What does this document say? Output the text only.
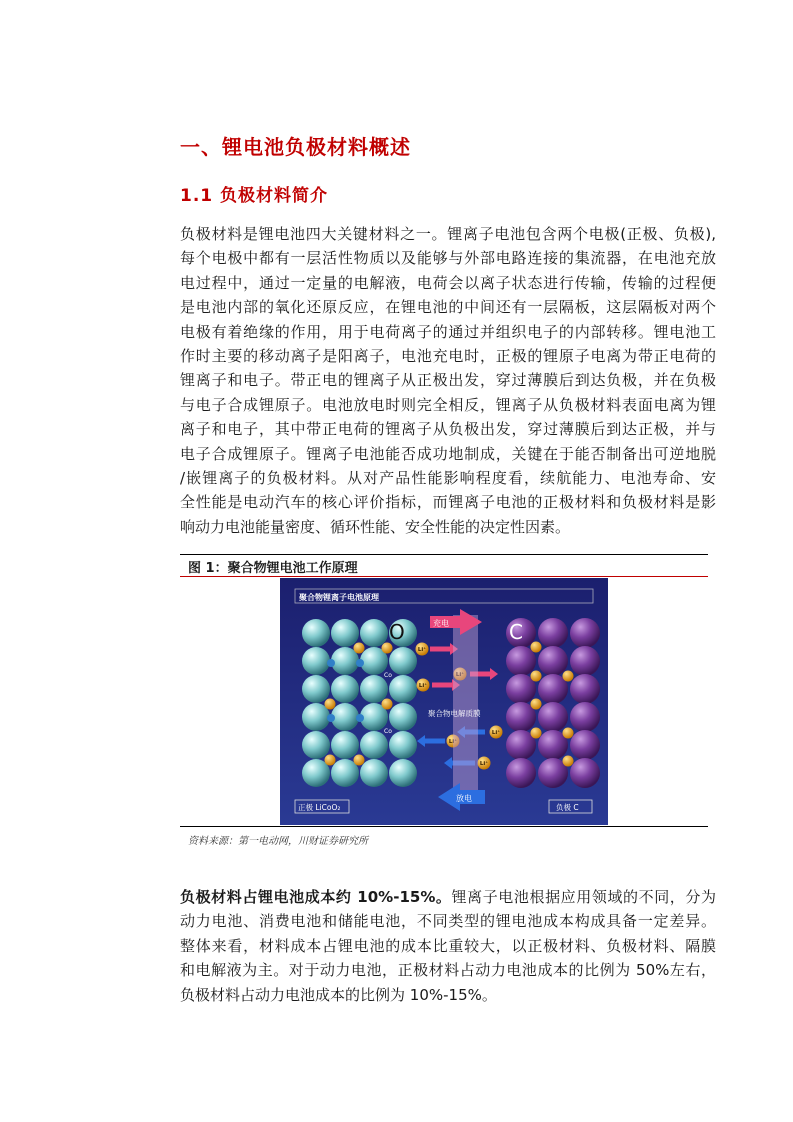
一、锂电池负极材料概述
1.1 负极材料简介
负极材料是锂电池四大关键材料之一。锂离子电池包含两个电极(正极、负极),
每个电极中都有一层活性物质以及能够与外部电路连接的集流器，在电池充放
电过程中，通过一定量的电解液，电荷会以离子状态进行传输，传输的过程便
是电池内部的氧化还原反应，在锂电池的中间还有一层隔板，这层隔板对两个
电极有着绝缘的作用，用于电荷离子的通过并组织电子的内部转移。锂电池工
作时主要的移动离子是阳离子，电池充电时，正极的锂原子电离为带正电荷的
锂离子和电子。带正电的锂离子从正极出发，穿过薄膜后到达负极，并在负极
与电子合成锂原子。电池放电时则完全相反，锂离子从负极材料表面电离为锂
离子和电子，其中带正电荷的锂离子从负极出发，穿过薄膜后到达正极，并与
电子合成锂原子。锂离子电池能否成功地制成，关键在于能否制备出可逆地脱
/嵌锂离子的负极材料。从对产品性能影响程度看，续航能力、电池寿命、安
全性能是电动汽车的核心评价指标，而锂离子电池的正极材料和负极材料是影
响动力电池能量密度、循环性能、安全性能的决定性因素。
图 1：聚合物锂电池工作原理
聚合物锂离子电池原理
Li⁺
Li⁺
Li⁺
Li⁺
Li⁺
Li⁺
充电
放电
聚合物电解质膜
正极 LiCoO₂	负极 C
O	C
Co
Co
资料来源：第一电动网，川财证券研究所
负极材料占锂电池成本约 10%-15%。锂离子电池根据应用领域的不同，分为
动力电池、消费电池和储能电池，不同类型的锂电池成本构成具备一定差异。
整体来看，材料成本占锂电池的成本比重较大，以正极材料、负极材料、隔膜
和电解液为主。对于动力电池，正极材料占动力电池成本的比例为 50%左右，
负极材料占动力电池成本的比例为 10%-15%。
